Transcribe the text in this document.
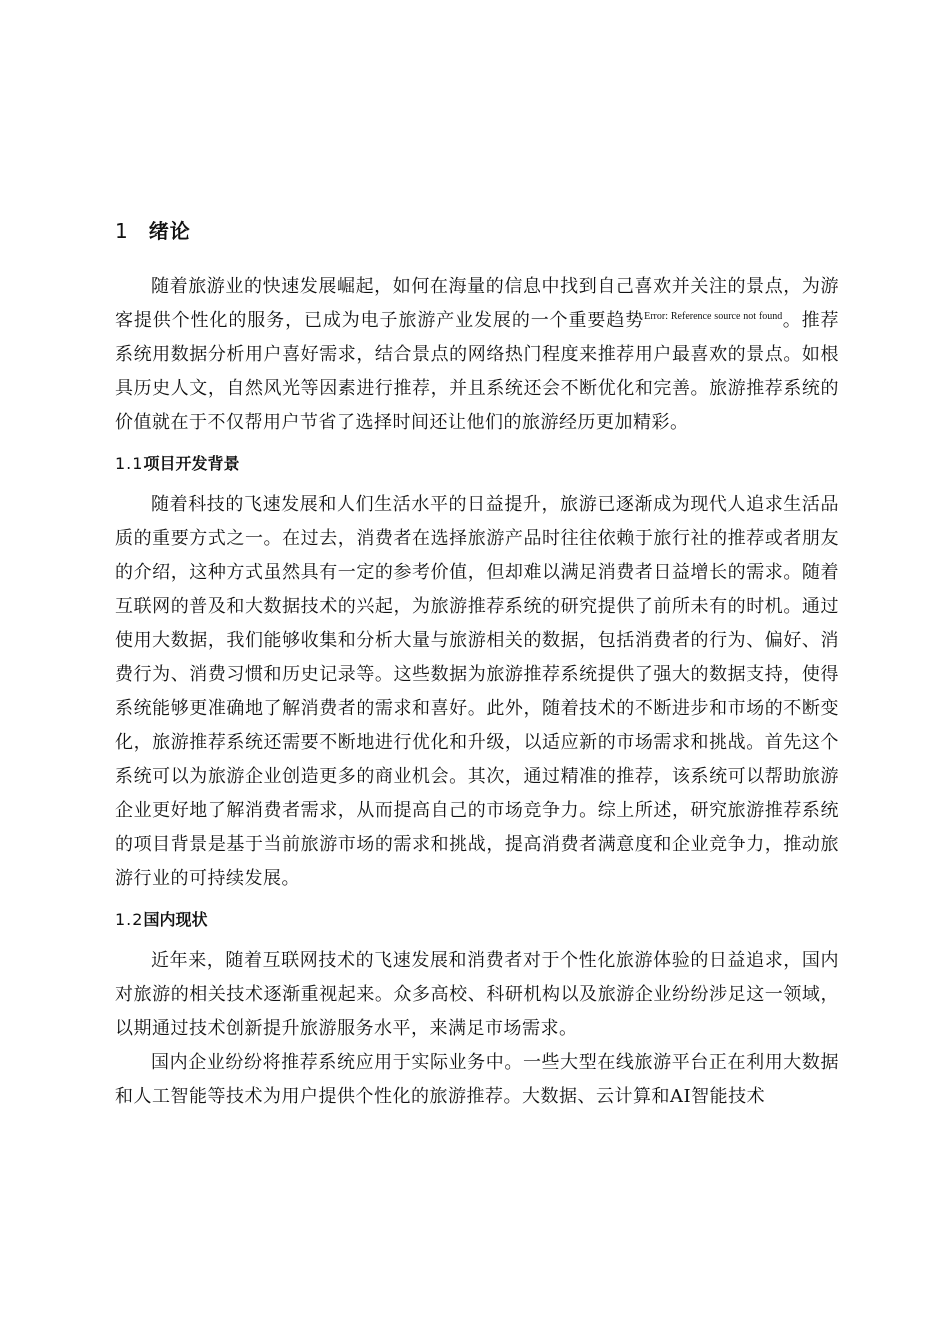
1 绪论

随着旅游业的快速发展崛起，如何在海量的信息中找到自己喜欢并关注的景点，为游客提供个性化的服务，已成为电子旅游产业发展的一个重要趋势$^{Error: Reference source not found}$。推荐系统用数据分析用户喜好需求，结合景点的网络热门程度来推荐用户最喜欢的景点。如根具历史人文，自然风光等因素进行推荐，并且系统还会不断优化和完善。旅游推荐系统的价值就在于不仅帮用户节省了选择时间还让他们的旅游经历更加精彩。

1.1项目开发背景

随着科技的飞速发展和人们生活水平的日益提升，旅游已逐渐成为现代人追求生活品质的重要方式之一。在过去，消费者在选择旅游产品时往往依赖于旅行社的推荐或者朋友的介绍，这种方式虽然具有一定的参考价值，但却难以满足消费者日益增长的需求。随着互联网的普及和大数据技术的兴起，为旅游推荐系统的研究提供了前所未有的时机。通过使用大数据，我们能够收集和分析大量与旅游相关的数据，包括消费者的行为、偏好、消费行为、消费习惯和历史记录等。这些数据为旅游推荐系统提供了强大的数据支持，使得系统能够更准确地了解消费者的需求和喜好。此外，随着技术的不断进步和市场的不断变化，旅游推荐系统还需要不断地进行优化和升级，以适应新的市场需求和挑战。首先这个系统可以为旅游企业创造更多的商业机会。其次，通过精准的推荐，该系统可以帮助旅游企业更好地了解消费者需求，从而提高自己的市场竞争力。综上所述，研究旅游推荐系统的项目背景是基于当前旅游市场的需求和挑战，提高消费者满意度和企业竞争力，推动旅游行业的可持续发展。

1.2国内现状

近年来，随着互联网技术的飞速发展和消费者对于个性化旅游体验的日益追求，国内对旅游的相关技术逐渐重视起来。众多高校、科研机构以及旅游企业纷纷涉足这一领域，以期通过技术创新提升旅游服务水平，来满足市场需求。

国内企业纷纷将推荐系统应用于实际业务中。一些大型在线旅游平台正在利用大数据和人工智能等技术为用户提供个性化的旅游推荐。大数据、云计算和AI智能技术
